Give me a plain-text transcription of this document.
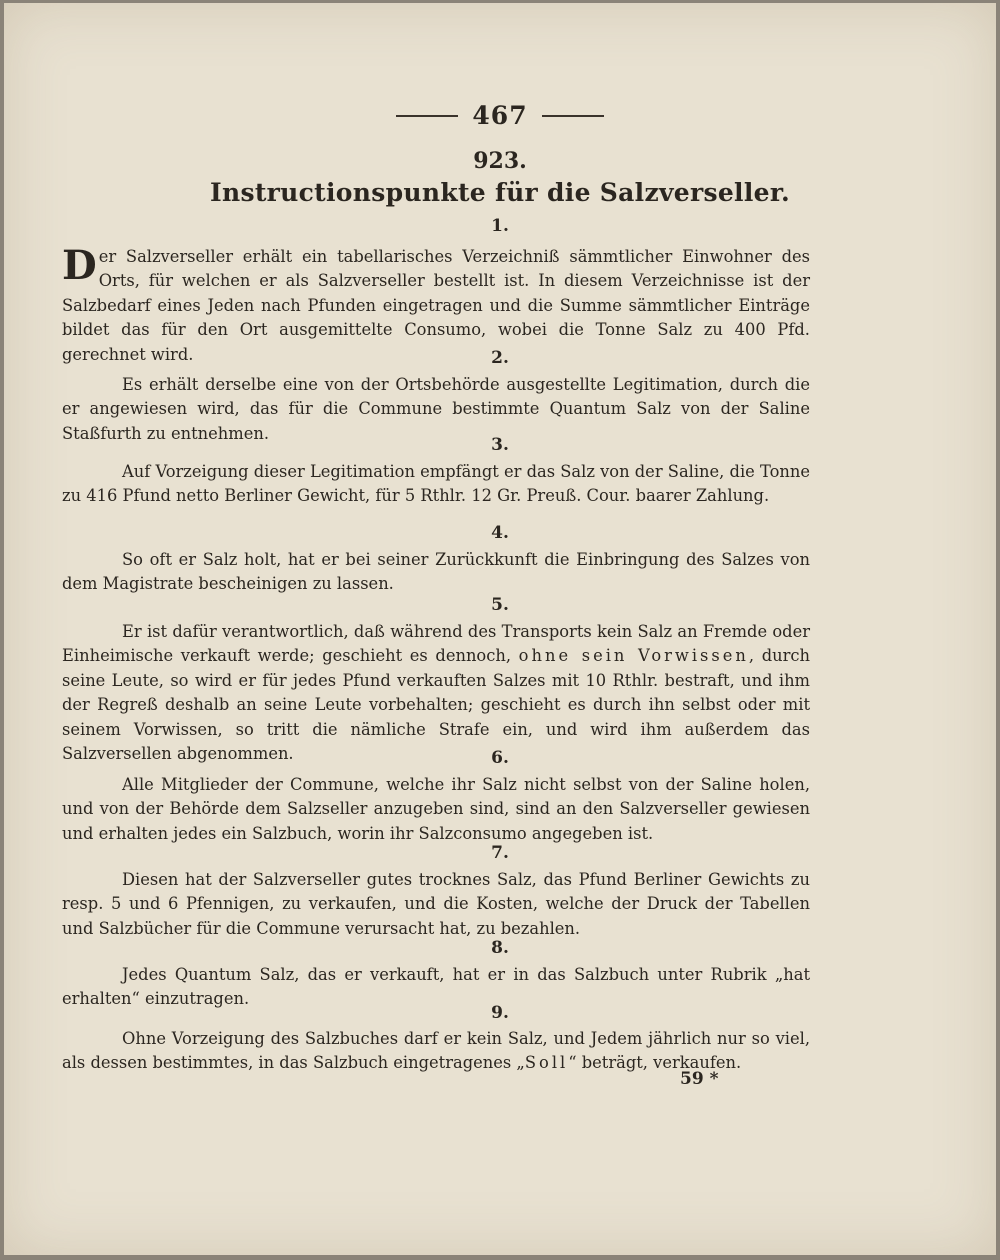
467
923.
Instructionspunkte für die Salzverseller.
1.
Der Salzverseller erhält ein tabellarisches Verzeichniß sämmtlicher Einwohner des Orts, für welchen er als Salzverseller bestellt ist. In diesem Verzeichnisse ist der Salzbedarf eines Jeden nach Pfunden eingetragen und die Summe sämmtlicher Einträge bildet das für den Ort ausgemittelte Consumo, wobei die Tonne Salz zu 400 Pfd. gerechnet wird.	2.
Es erhält derselbe eine von der Ortsbehörde ausgestellte Legitimation, durch die er angewiesen wird, das für die Commune bestimmte Quantum Salz von der Saline Staßfurth zu entnehmen.
3.
Auf Vorzeigung dieser Legitimation empfängt er das Salz von der Saline, die Tonne zu 416 Pfund netto Berliner Gewicht, für 5 Rthlr. 12 Gr. Preuß. Cour. baarer Zahlung.
4.
So oft er Salz holt, hat er bei seiner Zurückkunft die Einbringung des Salzes von dem Magistrate bescheinigen zu lassen.
5.
Er ist dafür verantwortlich, daß während des Transports kein Salz an Fremde oder Einheimische verkauft werde; geschieht es dennoch, ohne sein Vorwissen, durch seine Leute, so wird er für jedes Pfund verkauften Salzes mit 10 Rthlr. bestraft, und ihm der Regreß deshalb an seine Leute vorbehalten; geschieht es durch ihn selbst oder mit seinem Vorwissen, so tritt die nämliche Strafe ein, und wird ihm außerdem das Salzversellen abgenommen.	6.
Alle Mitglieder der Commune, welche ihr Salz nicht selbst von der Saline holen, und von der Behörde dem Salzseller anzugeben sind, sind an den Salzverseller gewiesen und erhalten jedes ein Salzbuch, worin ihr Salzconsumo angegeben ist.
7.
Diesen hat der Salzverseller gutes trocknes Salz, das Pfund Berliner Gewichts zu resp. 5 und 6 Pfennigen, zu verkaufen, und die Kosten, welche der Druck der Tabellen und Salzbücher für die Commune verursacht hat, zu bezahlen.
8.
Jedes Quantum Salz, das er verkauft, hat er in das Salzbuch unter Rubrik „hat erhalten“ einzutragen.
9.
Ohne Vorzeigung des Salzbuches darf er kein Salz, und Jedem jährlich nur so viel, als dessen bestimmtes, in das Salzbuch eingetragenes „Soll“ beträgt, verkaufen.
59 *
